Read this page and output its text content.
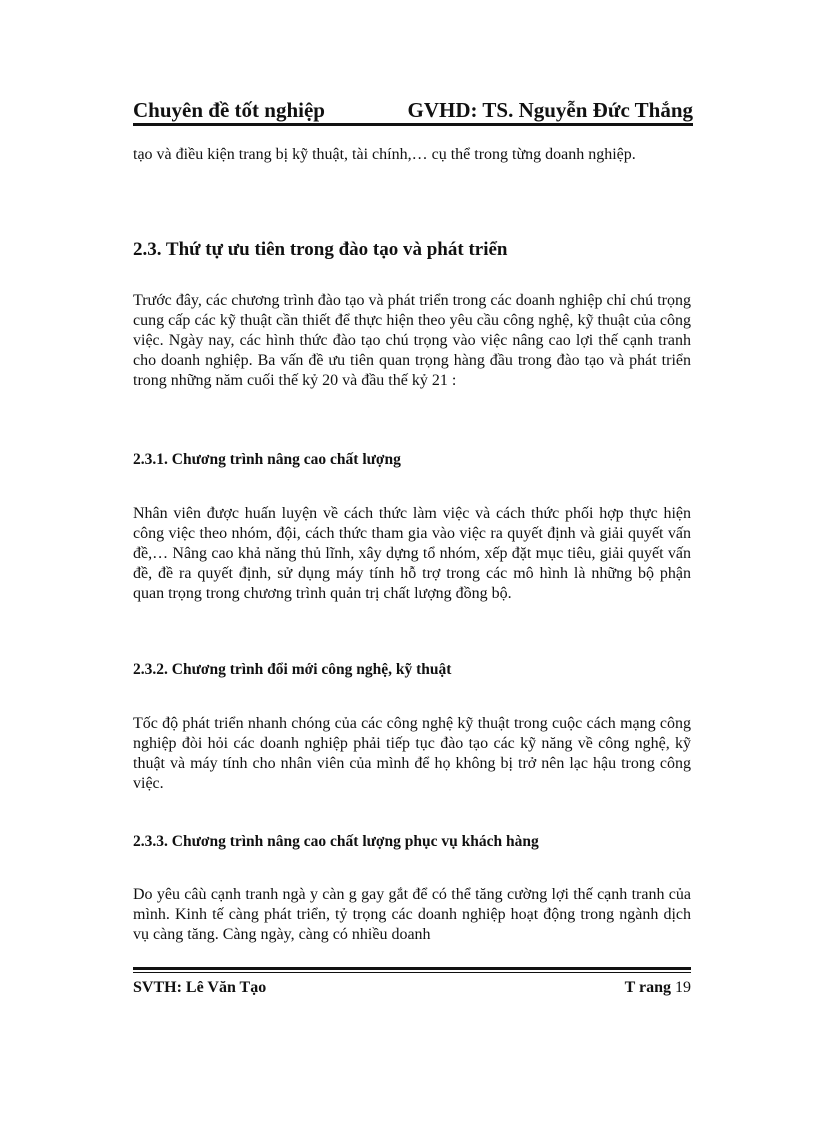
Chuyên đề tốt nghiệp	GVHD: TS. Nguyễn Đức Thắng
tạo và điều kiện trang bị kỹ thuật, tài chính,… cụ thể trong từng doanh nghiệp.
2.3. Thứ tự ưu tiên trong đào tạo và phát triển
Trước đây, các chương trình đào tạo và phát triển trong các doanh nghiệp chỉ chú trọng cung cấp các kỹ thuật cần thiết để thực hiện theo yêu cầu công nghệ, kỹ thuật của công việc. Ngày nay, các hình thức đào tạo chú trọng vào việc nâng cao lợi thế cạnh tranh cho doanh nghiệp. Ba vấn đề ưu tiên quan trọng hàng đầu trong đào tạo và phát triển trong những năm cuối thế kỷ 20 và đầu thế kỷ 21 :
2.3.1. Chương trình nâng cao chất lượng
Nhân viên được huấn luyện về cách thức làm việc và cách thức phối hợp thực hiện công việc theo nhóm, đội, cách thức tham gia vào việc ra quyết định và giải quyết vấn đề,… Nâng cao khả năng thủ lĩnh, xây dựng tổ nhóm, xếp đặt mục tiêu, giải quyết vấn đề, đề ra quyết định, sử dụng máy tính hỗ trợ trong các mô hình là những bộ phận quan trọng trong chương trình quản trị chất lượng đồng bộ.
2.3.2. Chương trình đổi mới công nghệ, kỹ thuật
Tốc độ phát triển nhanh chóng của các công nghệ kỹ thuật trong cuộc cách mạng công nghiệp đòi hỏi các doanh nghiệp phải tiếp tục đào tạo các kỹ năng về công nghệ, kỹ thuật và máy tính cho nhân viên của mình để họ không bị trở nên lạc hậu trong công việc.
2.3.3. Chương trình nâng cao chất lượng phục vụ khách hàng
Do yêu câù cạnh tranh ngà y càn g gay gắt để có thể tăng cường lợi thế cạnh tranh của mình. Kinh tế càng phát triển, tỷ trọng các doanh nghiệp hoạt động trong ngành dịch vụ càng tăng. Càng ngày, càng có nhiều doanh
SVTH: Lê Văn Tạo	T rang 19
